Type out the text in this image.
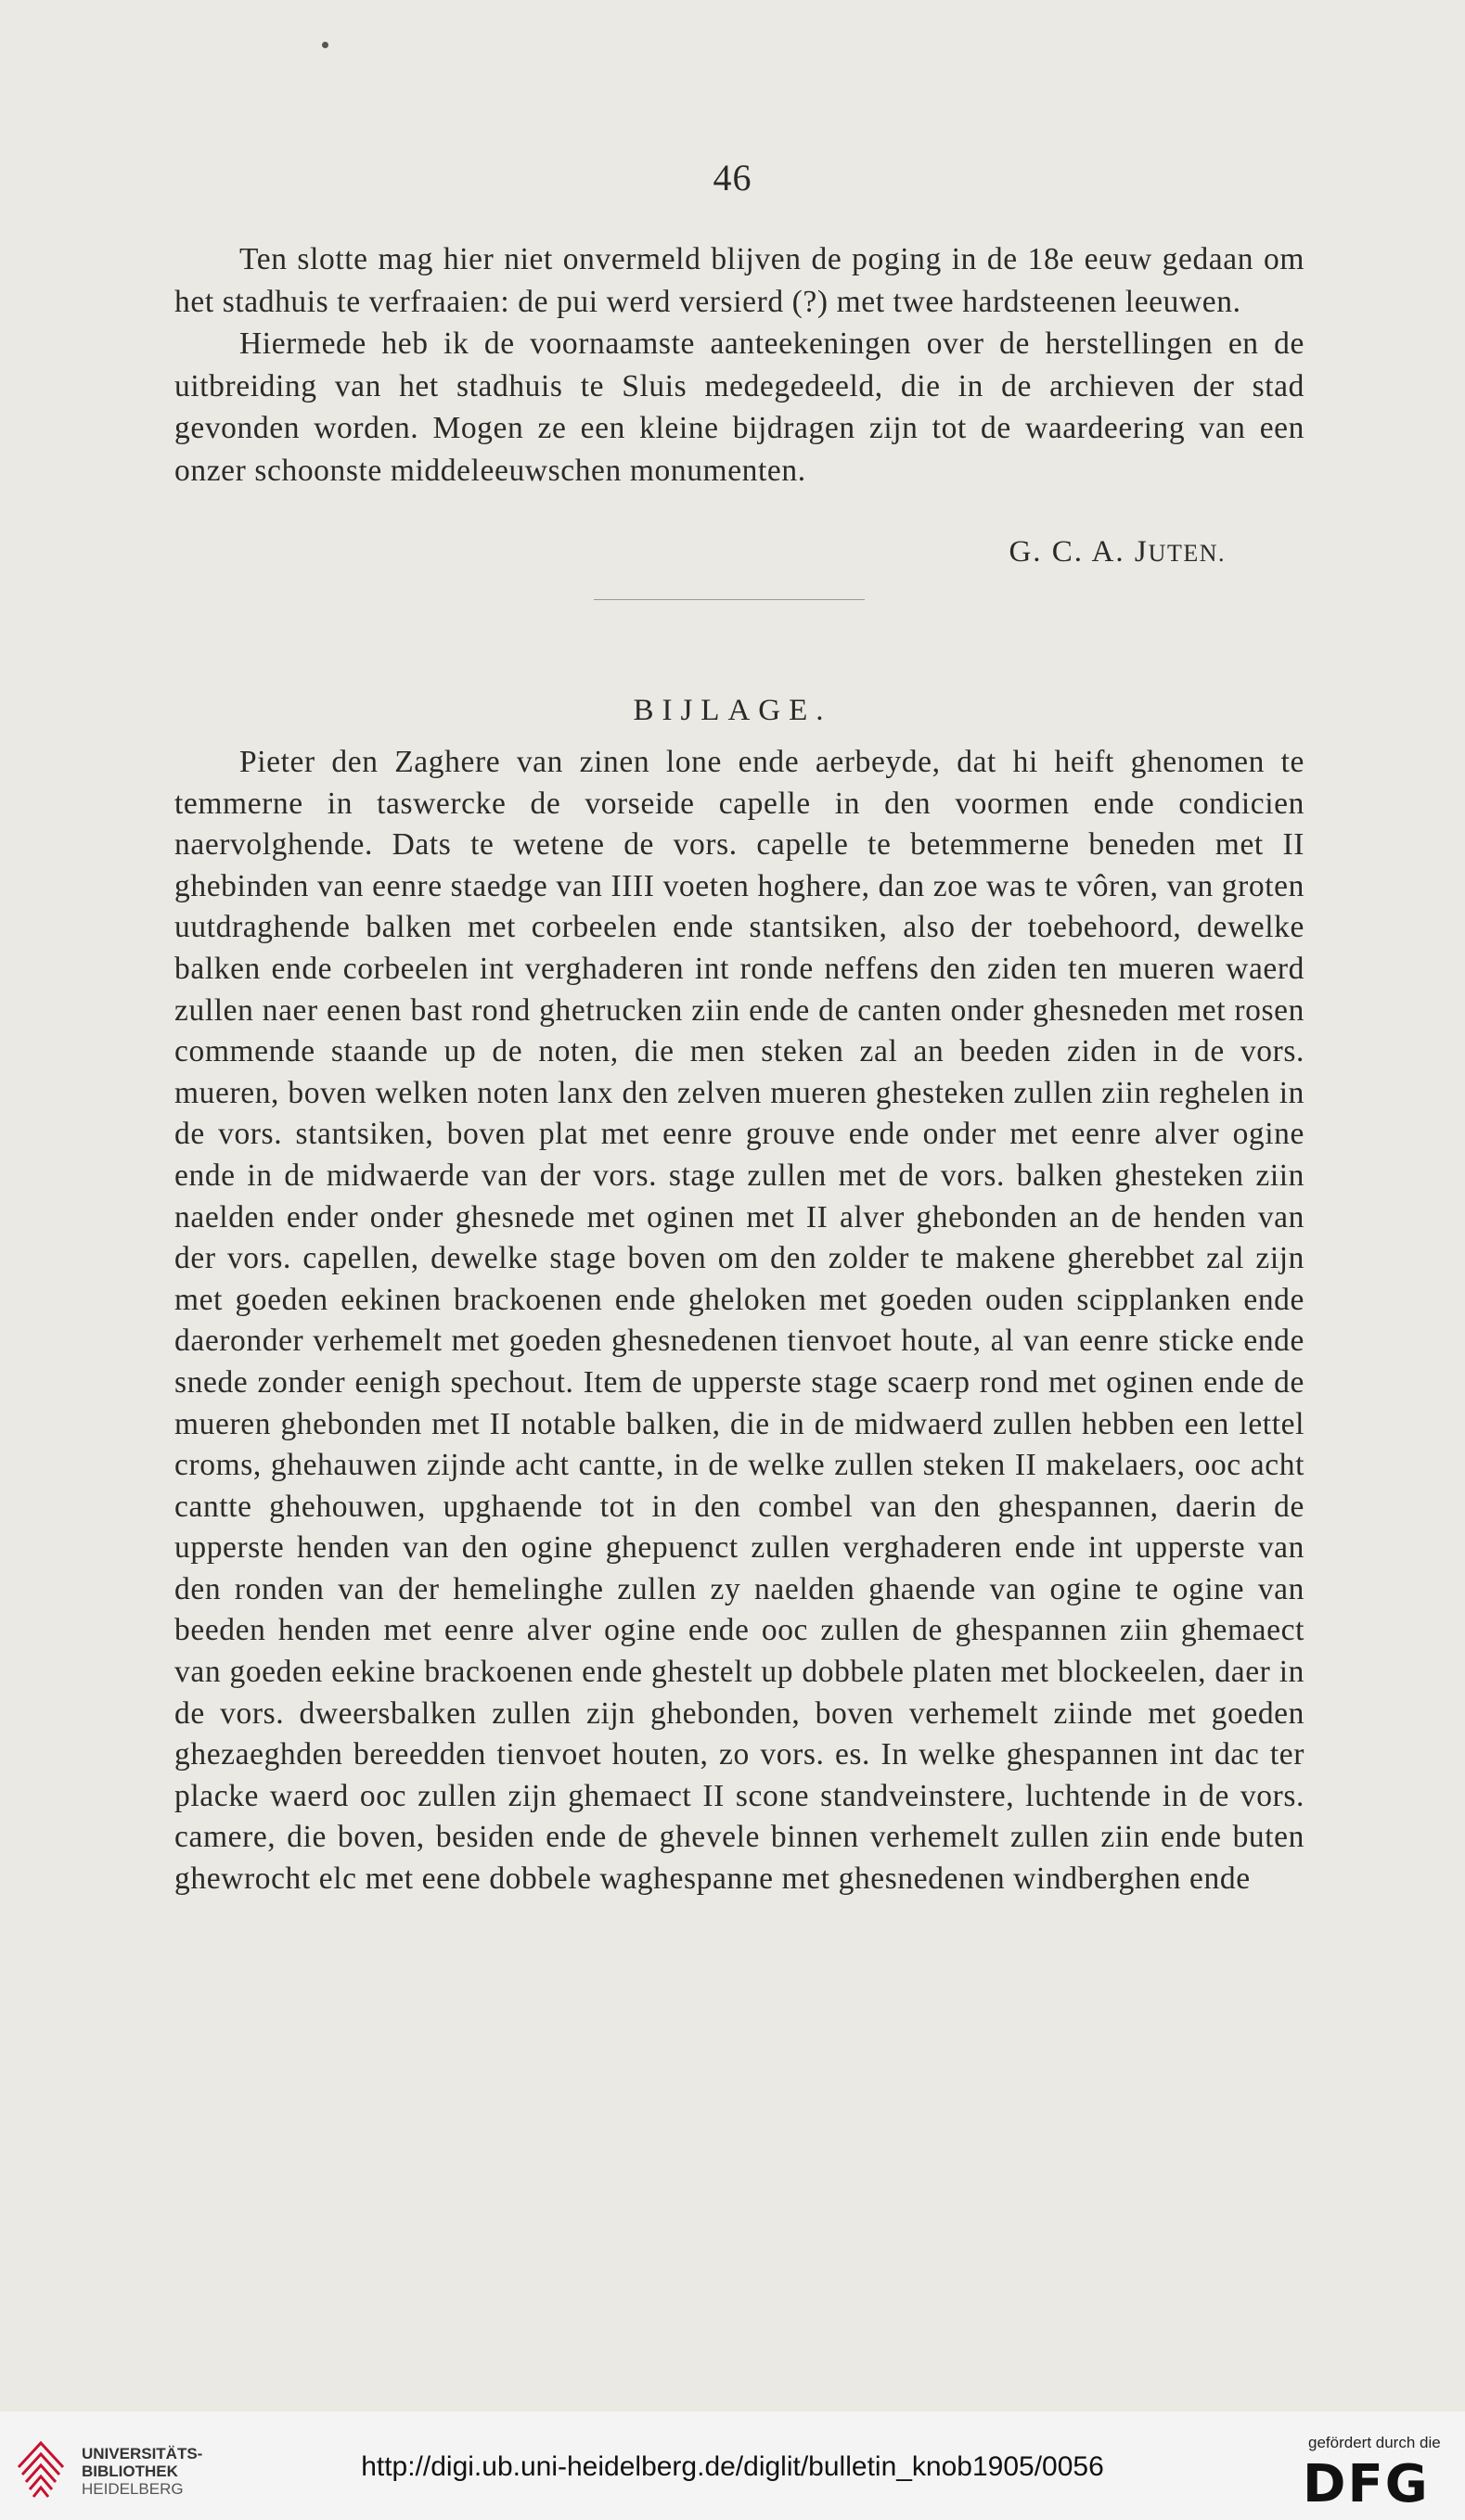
46

Ten slotte mag hier niet onvermeld blijven de poging in de 18e eeuw gedaan om het stadhuis te verfraaien: de pui werd versierd (?) met twee hardsteenen leeuwen.

Hiermede heb ik de voornaamste aanteekeningen over de herstellingen en de uitbreiding van het stadhuis te Sluis medegedeeld, die in de archieven der stad gevonden worden. Mogen ze een kleine bijdragen zijn tot de waardeering van een onzer schoonste middeleeuwschen monumenten.

G. C. A. JUTEN.
BIJLAGE.

Pieter den Zaghere van zinen lone ende aerbeyde, dat hi heift ghenomen te temmerne in taswercke de vorseide capelle in den voormen ende condicien naervolghende. Dats te wetene de vors. capelle te betemmerne beneden met II ghebinden van eenre staedge van IIII voeten hoghere, dan zoe was te vôren, van groten uutdraghende balken met corbeelen ende stantsiken, also der toebehoord, dewelke balken ende corbeelen int verghaderen int ronde neffens den ziden ten mueren waerd zullen naer eenen bast rond ghetrucken ziin ende de canten onder ghesneden met rosen commende staande up de noten, die men steken zal an beeden ziden in de vors. mueren, boven welken noten lanx den zelven mueren ghesteken zullen ziin reghelen in de vors. stantsiken, boven plat met eenre grouve ende onder met eenre alver ogine ende in de midwaerde van der vors. stage zullen met de vors. balken ghesteken ziin naelden ender onder ghesnede met oginen met II alver ghebonden an de henden van der vors. capellen, dewelke stage boven om den zolder te makene gherebbet zal zijn met goeden eekinen brackoenen ende gheloken met goeden ouden scipplanken ende daeronder verhemelt met goeden ghesnedenen tienvoet houte, al van eenre sticke ende snede zonder eenigh spechout. Item de upperste stage scaerp rond met oginen ende de mueren ghebonden met II notable balken, die in de midwaerd zullen hebben een lettel croms, ghehauwen zijnde acht cantte, in de welke zullen steken II makelaers, ooc acht cantte ghehouwen, upghaende tot in den combel van den ghespannen, daerin de upperste henden van den ogine ghepuenct zullen verghaderen ende int upperste van den ronden van der hemelinghe zullen zy naelden ghaende van ogine te ogine van beeden henden met eenre alver ogine ende ooc zullen de ghespannen ziin ghemaect van goeden eekine brackoenen ende ghestelt up dobbele platen met blockeelen, daer in de vors. dweersbalken zullen zijn ghebonden, boven verhemelt ziinde met goeden ghezaeghden bereedden tienvoet houten, zo vors. es. In welke ghespannen int dac ter placke waerd ooc zullen zijn ghemaect II scone standveinstere, luchtende in de vors. camere, die boven, besiden ende de ghevele binnen verhemelt zullen ziin ende buten ghewrocht elc met eene dobbele waghespanne met ghesnedenen windberghen ende

UNIVERSITÄTS-
BIBLIOTHEK
HEIDELBERG
http://digi.ub.uni-heidelberg.de/diglit/bulletin_knob1905/0056
gefördert durch die
DFG
